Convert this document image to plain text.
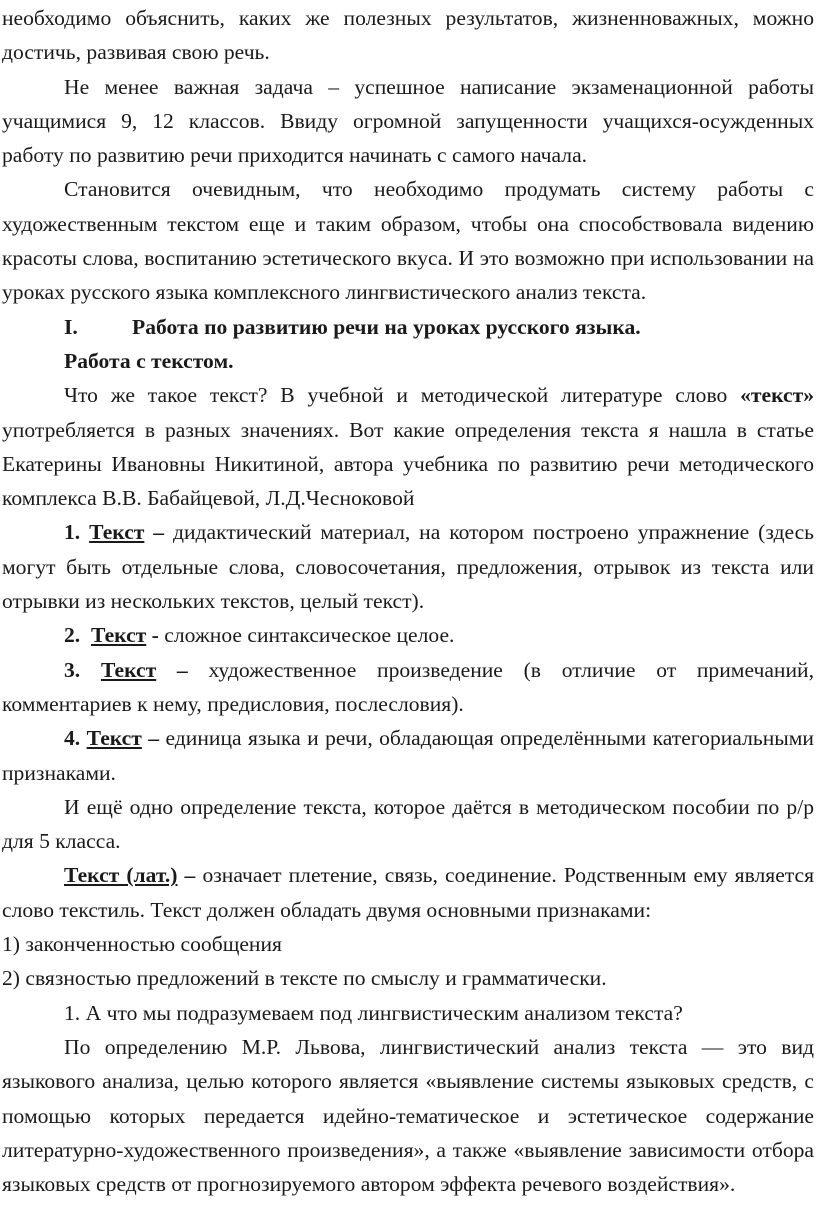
необходимо объяснить, каких же полезных результатов, жизненноважных, можно достичь, развивая свою речь.

Не менее важная задача – успешное написание экзаменационной работы учащимися 9, 12 классов. Ввиду огромной запущенности учащихся-осужденных работу по развитию речи приходится начинать с самого начала.

Становится очевидным, что необходимо продумать систему работы с художественным текстом еще и таким образом, чтобы она способствовала видению красоты слова, воспитанию эстетического вкуса. И это возможно при использовании на уроках русского языка комплексного лингвистического анализ текста.

I.	Работа по развитию речи на уроках русского языка.

Работа с текстом.

Что же такое текст? В учебной и методической литературе слово «текст» употребляется в разных значениях. Вот какие определения текста я нашла в статье Екатерины Ивановны Никитиной, автора учебника по развитию речи методического комплекса В.В. Бабайцевой, Л.Д.Чесноковой

1. Текст – дидактический материал, на котором построено упражнение (здесь могут быть отдельные слова, словосочетания, предложения, отрывок из текста или отрывки из нескольких текстов, целый текст).

2. Текст - сложное синтаксическое целое.

3. Текст – художественное произведение (в отличие от примечаний, комментариев к нему, предисловия, послесловия).

4. Текст – единица языка и речи, обладающая определёнными категориальными признаками.

И ещё одно определение текста, которое даётся в методическом пособии по р/р для 5 класса.

Текст (лат.) – означает плетение, связь, соединение. Родственным ему является слово текстиль. Текст должен обладать двумя основными признаками:

1) законченностью сообщения

2) связностью предложений в тексте по смыслу и грамматически.

1. А что мы подразумеваем под лингвистическим анализом текста?

По определению М.Р. Львова, лингвистический анализ текста — это вид языкового анализа, целью которого является «выявление системы языковых средств, с помощью которых передается идейно-тематическое и эстетическое содержание литературно-художественного произведения», а также «выявление зависимости отбора языковых средств от прогнозируемого автором эффекта речевого воздействия».
